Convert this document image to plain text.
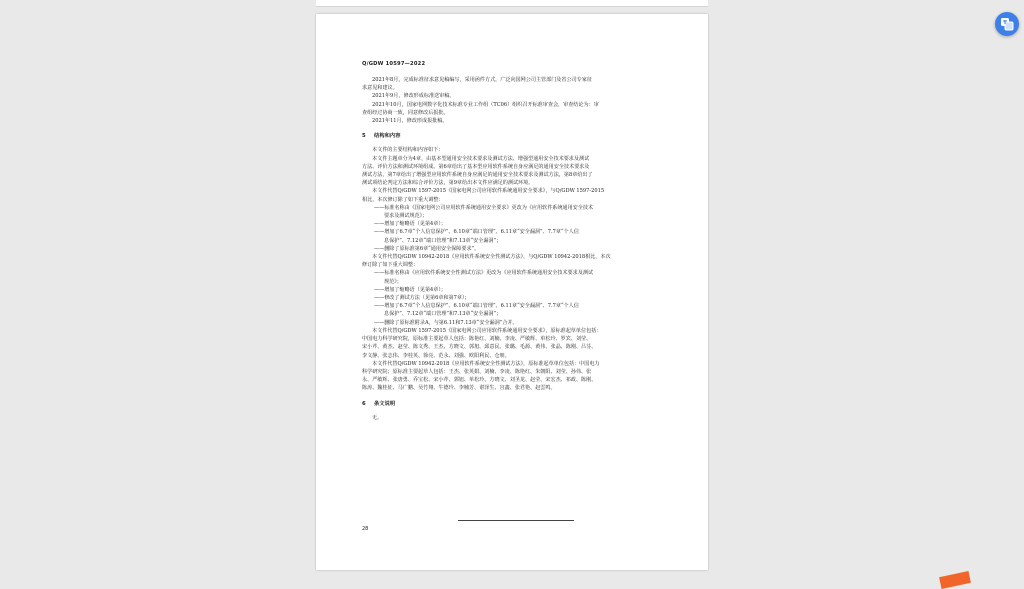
Q/GDW 10597—2022

2021年8月，完成标准征求意见稿编写，采用函件方式，广泛向国网公司主管部门及省公司专家征

求意见和建议。

2021年9月，修改形成标准送审稿。

2021年10月，国家电网数字化技术标准专业工作组（TC06）组织召开标准审查会，审查结论为：审

查组经过协商一致，同意修改后报批。

2021年11月，修改形成报批稿。

5 结构和内容

本文件的主要结构和内容如下：

本文件主题章分为4章，由基本型通用安全技术要求及测试方法、增强型通用安全技术要求及测试

方法、评价方法和测试环境组成。第6章给出了基本型应用软件系统自身应满足的通用安全技术要求及

测试方法，第7章给出了增强型应用软件系统自身应满足的通用安全技术要求及测试方法，第8章给出了

测试项结论判定方法和综合评价方法，第9章给出本文件应满足的测试环境。

本文件代替Q/GDW 1597-2015《国家电网公司应用软件系统通用安全要求》，与Q/GDW 1597-2015

相比，本次修订除了如下重大调整：

——标准名称由《国家电网公司应用软件系统通用安全要求》更改为《应用软件系统通用安全技术

要求及测试规范》；

——增加了缩略语（见第4章）；

——增加了6.7章“个人信息保护”、6.10章“端口管理”、6.11章“安全漏洞”、7.7章“个人信

息保护”、7.12章“端口管理”和7.13章“安全漏洞”；

——删除了原标准第6章“通用安全保障要求”。

本文件代替Q/GDW 10942-2018《应用软件系统安全性测试方法》，与Q/GDW 10942-2018相比，本次

修订除了如下重大调整：

——标准名称由《应用软件系统安全性测试方法》更改为《应用软件系统通用安全技术要求及测试

规范》；

——增加了缩略语（见第4章）；

——修改了测试方法（见第6章和第7章）；

——增加了6.7章“个人信息保护”、6.10章“端口管理”、6.11章“安全漏洞”、7.7章“个人信

息保护”、7.12章“端口管理”和7.13章“安全漏洞”；

——删除了原标准附录A，与第6.11和7.13章“安全漏洞”合并。

本文件代替Q/GDW 1597-2015《国家电网公司应用软件系统通用安全要求》，原标准起草单位包括：

中国电力科学研究院，原标准主要起草人包括：陈艳红、刘楠、李凌、严敏辉、单松玲、罗宾、刘莹、

宋小芹、黄杰、赵莹、陈文秀、王杰、方晓文、郭旭、邱意民、张璐、毛源、黄伟、张晶、陈刚、吕芬、

李文静、张志伟、李桂英、徐亮、范永、刘强、欧阳利民、仓朋。

本文件代替Q/GDW 10942-2018《应用软件系统安全性测试方法》，原标准起草单位包括：中国电力

科学研究院；原标准主要起草人包括：王杰、张英娟、刘楠、李凌、陈艳红、朱朝阳、刘莹、孙伟、张

永、严敏辉、张唐勇、乔宝松、宋小芹、郭旭、单松玲、方晓文、刘圣龙、赵莹、宋宏杰、祁政、陈刚、

陈涛、魏桂征、马广鹏、吴竹翔、牛德玲、李楠芳、谌泽生、宫鑫、张君艳、赵雲鸣。

6 条文说明

无。

28
